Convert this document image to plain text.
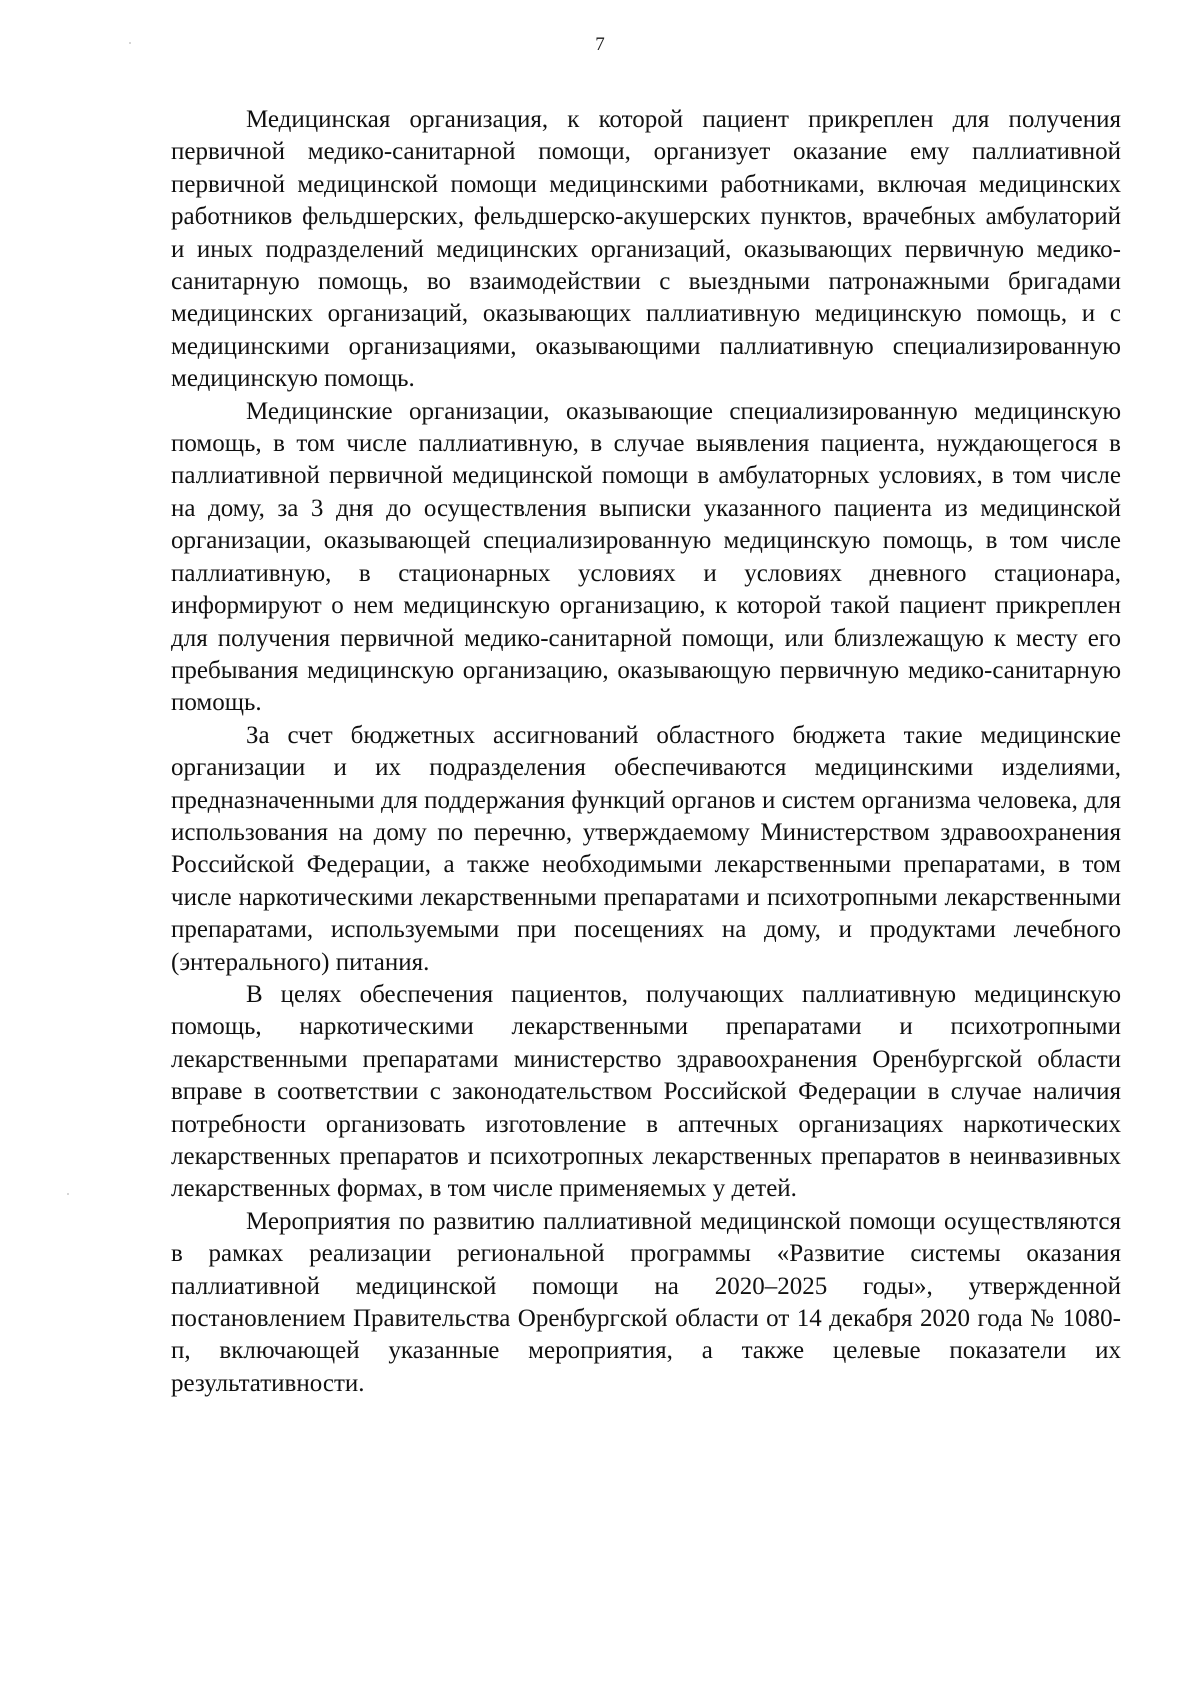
7

Медицинская организация, к которой пациент прикреплен для получения первичной медико-санитарной помощи, организует оказание ему паллиативной первичной медицинской помощи медицинскими работниками, включая медицинских работников фельдшерских, фельдшерско-акушерских пунктов, врачебных амбулаторий и иных подразделений медицинских организаций, оказывающих первичную медико-санитарную помощь, во взаимодействии с выездными патронажными бригадами медицинских организаций, оказывающих паллиативную медицинскую помощь, и с медицинскими организациями, оказывающими паллиативную специализированную медицинскую помощь.

Медицинские организации, оказывающие специализированную медицинскую помощь, в том числе паллиативную, в случае выявления пациента, нуждающегося в паллиативной первичной медицинской помощи в амбулаторных условиях, в том числе на дому, за 3 дня до осуществления выписки указанного пациента из медицинской организации, оказывающей специализированную медицинскую помощь, в том числе паллиативную, в стационарных условиях и условиях дневного стационара, информируют о нем медицинскую организацию, к которой такой пациент прикреплен для получения первичной медико-санитарной помощи, или близлежащую к месту его пребывания медицинскую организацию, оказывающую первичную медико-санитарную помощь.

За счет бюджетных ассигнований областного бюджета такие медицинские организации и их подразделения обеспечиваются медицинскими изделиями, предназначенными для поддержания функций органов и систем организма человека, для использования на дому по перечню, утверждаемому Министерством здравоохранения Российской Федерации, а также необходимыми лекарственными препаратами, в том числе наркотическими лекарственными препаратами и психотропными лекарственными препаратами, используемыми при посещениях на дому, и продуктами лечебного (энтерального) питания.

В целях обеспечения пациентов, получающих паллиативную медицинскую помощь, наркотическими лекарственными препаратами и психотропными лекарственными препаратами министерство здравоохранения Оренбургской области вправе в соответствии с законодательством Российской Федерации в случае наличия потребности организовать изготовление в аптечных организациях наркотических лекарственных препаратов и психотропных лекарственных препаратов в неинвазивных лекарственных формах, в том числе применяемых у детей.

Мероприятия по развитию паллиативной медицинской помощи осуществляются в рамках реализации региональной программы «Развитие системы оказания паллиативной медицинской помощи на 2020–2025 годы», утвержденной постановлением Правительства Оренбургской области от 14 декабря 2020 года № 1080-п, включающей указанные мероприятия, а также целевые показатели их результативности.
